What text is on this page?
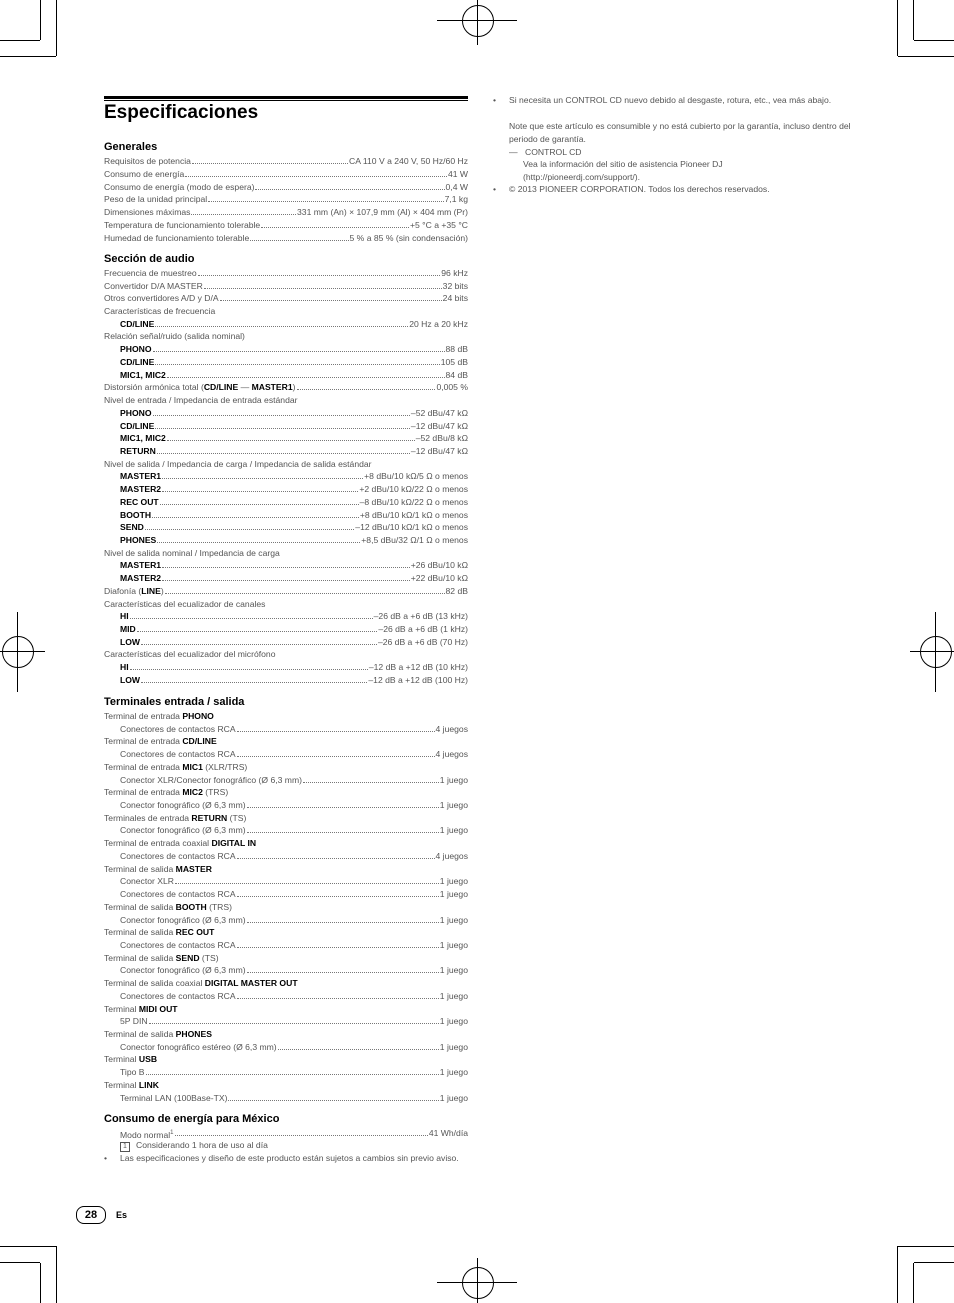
Especificaciones
Generales
Requisitos de potencia	CA 110 V a 240 V, 50 Hz/60 Hz
Consumo de energía	41 W
Consumo de energía (modo de espera)	0,4 W
Peso de la unidad principal	7,1 kg
Dimensiones máximas	331 mm (An) × 107,9 mm (Al) × 404 mm (Pr)
Temperatura de funcionamiento tolerable	+5 °C a +35 °C
Humedad de funcionamiento tolerable	5 % a 85 % (sin condensación)
Sección de audio
Frecuencia de muestreo	96 kHz
Convertidor D/A MASTER	32 bits
Otros convertidores A/D y D/A	24 bits
Características de frecuencia
CD/LINE	20 Hz a 20 kHz
Relación señal/ruido (salida nominal)
PHONO	88 dB
CD/LINE	105 dB
MIC1, MIC2	84 dB
Distorsión armónica total (CD/LINE — MASTER1)	0,005 %
Nivel de entrada / Impedancia de entrada estándar
PHONO	–52 dBu/47 kΩ
CD/LINE	–12 dBu/47 kΩ
MIC1, MIC2	–52 dBu/8 kΩ
RETURN	–12 dBu/47 kΩ
Nivel de salida / Impedancia de carga / Impedancia de salida estándar
MASTER1	+8 dBu/10 kΩ/5 Ω o menos
MASTER2	+2 dBu/10 kΩ/22 Ω o menos
REC OUT	–8 dBu/10 kΩ/22 Ω o menos
BOOTH	+8 dBu/10 kΩ/1 kΩ o menos
SEND	–12 dBu/10 kΩ/1 kΩ o menos
PHONES	+8,5 dBu/32 Ω/1 Ω o menos
Nivel de salida nominal / Impedancia de carga
MASTER1	+26 dBu/10 kΩ
MASTER2	+22 dBu/10 kΩ
Diafonía (LINE)	82 dB
Características del ecualizador de canales
HI	–26 dB a +6 dB (13 kHz)
MID	–26 dB a +6 dB (1 kHz)
LOW	–26 dB a +6 dB (70 Hz)
Características del ecualizador del micrófono
HI	–12 dB a +12 dB (10 kHz)
LOW	–12 dB a +12 dB (100 Hz)
Terminales entrada / salida
Terminal de entrada PHONO
Conectores de contactos RCA	4 juegos
Terminal de entrada CD/LINE
Conectores de contactos RCA	4 juegos
Terminal de entrada MIC1 (XLR/TRS)
Conector XLR/Conector fonográfico (Ø 6,3 mm)	1 juego
Terminal de entrada MIC2 (TRS)
Conector fonográfico (Ø 6,3 mm)	1 juego
Terminales de entrada RETURN (TS)
Conector fonográfico (Ø 6,3 mm)	1 juego
Terminal de entrada coaxial DIGITAL IN
Conectores de contactos RCA	4 juegos
Terminal de salida MASTER
Conector XLR	1 juego
Conectores de contactos RCA	1 juego
Terminal de salida BOOTH (TRS)
Conector fonográfico (Ø 6,3 mm)	1 juego
Terminal de salida REC OUT
Conectores de contactos RCA	1 juego
Terminal de salida SEND (TS)
Conector fonográfico (Ø 6,3 mm)	1 juego
Terminal de salida coaxial DIGITAL MASTER OUT
Conectores de contactos RCA	1 juego
Terminal MIDI OUT
5P DIN	1 juego
Terminal de salida PHONES
Conector fonográfico estéreo (Ø 6,3 mm)	1 juego
Terminal USB
Tipo B	1 juego
Terminal LINK
Terminal LAN (100Base-TX)	1 juego
Consumo de energía para México
Modo normal$^1$	41 Wh/día
1 Considerando 1 hora de uso al día
•	Las especificaciones y diseño de este producto están sujetos a cambios sin previo aviso.
•	Si necesita un CONTROL CD nuevo debido al desgaste, rotura, etc., vea más abajo.
Note que este artículo es consumible y no está cubierto por la garantía, incluso dentro del periodo de garantía.
— CONTROL CD
Vea la información del sitio de asistencia Pioneer DJ (http://pioneerdj.com/support/).
•	© 2013 PIONEER CORPORATION. Todos los derechos reservados.
28	Es
